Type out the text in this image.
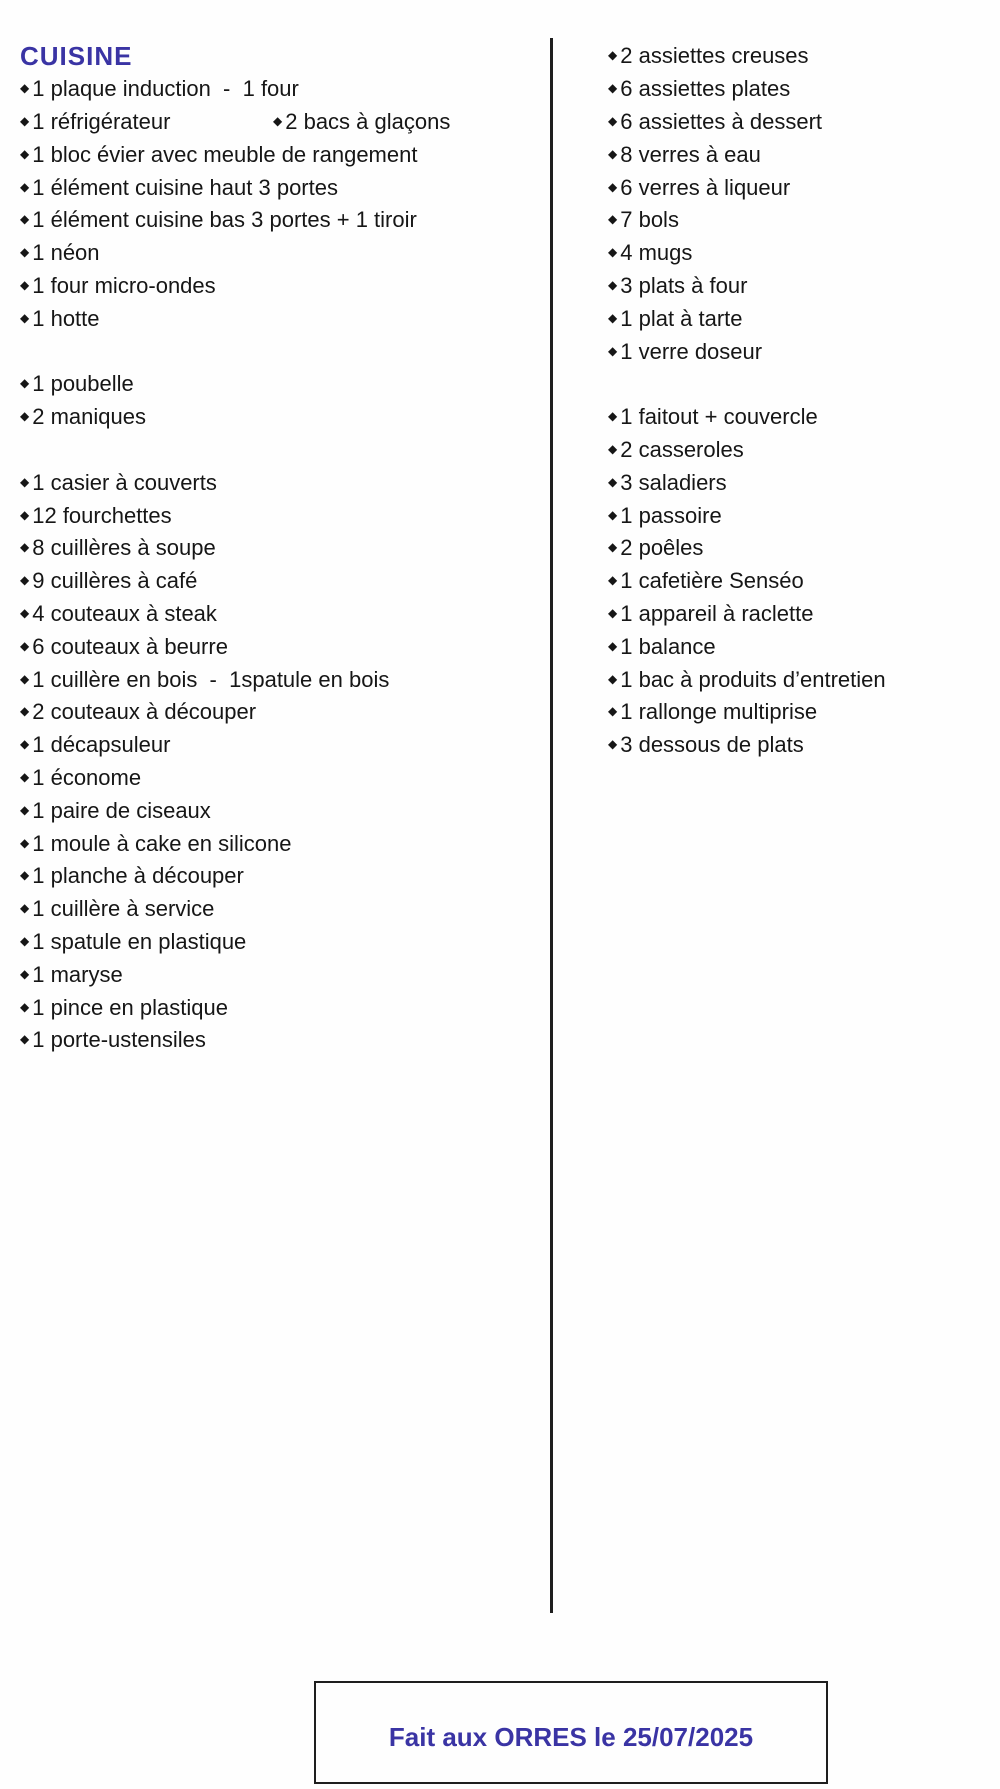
CUISINE
◆ 1 plaque induction  -  1 four
◆ 1 réfrigérateur	◆ 2 bacs à glaçons
◆ 1 bloc évier avec meuble de rangement
◆ 1 élément cuisine haut 3 portes
◆ 1 élément cuisine bas 3 portes + 1 tiroir
◆ 1 néon
◆ 1 four micro-ondes
◆ 1 hotte
◆ 1 poubelle
◆ 2 maniques
◆ 1 casier à couverts
◆ 12 fourchettes
◆ 8 cuillères à soupe
◆ 9 cuillères à café
◆ 4 couteaux à steak
◆ 6 couteaux à beurre
◆ 1 cuillère en bois  -  1spatule en bois
◆ 2 couteaux à découper
◆ 1 décapsuleur
◆ 1 économe
◆ 1 paire de ciseaux
◆ 1 moule à cake en silicone
◆ 1 planche à découper
◆ 1 cuillère à service
◆ 1 spatule en plastique
◆ 1 maryse
◆ 1 pince en plastique
◆ 1 porte-ustensiles
◆ 2 assiettes creuses
◆ 6 assiettes plates
◆ 6 assiettes à dessert
◆ 8 verres à eau
◆ 6 verres à liqueur
◆ 7 bols
◆ 4 mugs
◆ 3 plats à four
◆ 1 plat à tarte
◆ 1 verre doseur
◆ 1 faitout + couvercle
◆ 2 casseroles
◆ 3 saladiers
◆ 1 passoire
◆ 2 poêles
◆ 1 cafetière Senséo
◆ 1 appareil à raclette
◆ 1 balance
◆ 1 bac à produits d’entretien
◆ 1 rallonge multiprise
◆ 3 dessous de plats
Fait aux ORRES le 25/07/2025
